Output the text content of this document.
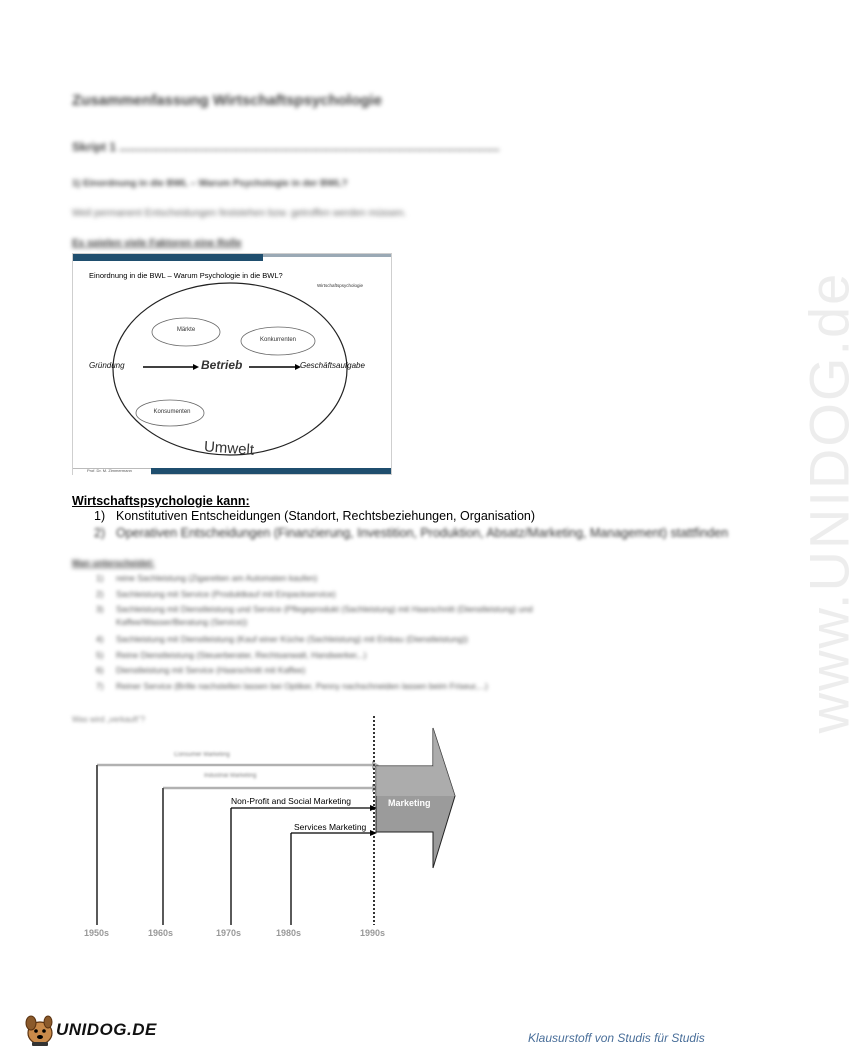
www.UNIDOG.de
Zusammenfassung Wirtschaftspsychologie
Skript 1 ..................................................................................................................
1) Einordnung in die BWL – Warum Psychologie in der BWL?
Weil permanent Entscheidungen feststehen bzw. getroffen werden müssen.
Es spielen viele Faktoren eine Rolle
Einordnung in die BWL – Warum Psychologie in die BWL?
Wirtschaftspsychologie
Märkte
Konkurrenten
Konsumenten
Gründung	Betrieb	Geschäftsaufgabe
Umwelt
Prof. Dr. M. Zimmermann
Wirtschaftspsychologie kann:
1) Konstitutiven Entscheidungen (Standort, Rechtsbeziehungen, Organisation)
2) Operativen Entscheidungen (Finanzierung, Investition, Produktion, Absatz/Marketing, Management) stattfinden
Man unterscheidet:
1) reine Sachleistung (Zigaretten am Automaten kaufen)
2) Sachleistung mit Service (Produktkauf mit Einpackservice)
3) Sachleistung mit Dienstleistung und Service (Pflegeprodukt (Sachleistung) mit Haarschnitt (Dienstleistung) und
Kaffee/Wasser/Beratung (Service))
4) Sachleistung mit Dienstleistung (Kauf einer Küche (Sachleistung) mit Einbau (Dienstleistung))
5) Reine Dienstleistung (Steuerberater, Rechtsanwalt, Handwerker,..)
6) Dienstleistung mit Service (Haarschnitt mit Kaffee)
7) Reiner Service (Brille nachstellen lassen bei Optiker, Penny nachschneiden lassen beim Friseur,...)
Was wird „verkauft“?
Consumer Marketing
Industrial Marketing
Non-Profit and Social Marketing
Services Marketing
Marketing
1950s	1960s	1970s	1980s	1990s
UNIDOG.DE	Klausurstoff von Studis für Studis
